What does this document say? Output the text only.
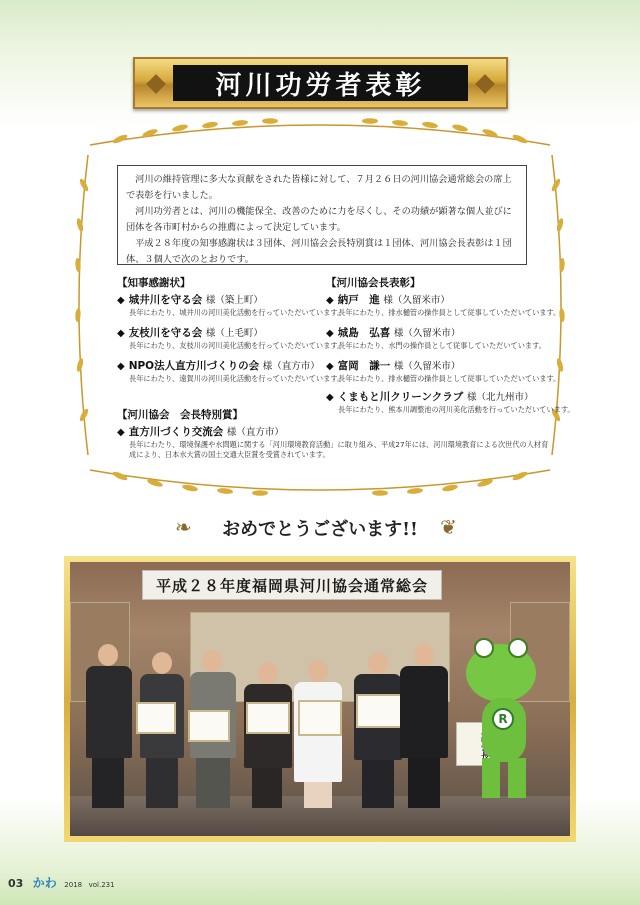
河川功労者表彰

河川の維持管理に多大な貢献をされた皆様に対して、７月２６日の河川協会通常総会の席上で表彰を行いました。

河川功労者とは、河川の機能保全、改善のために力を尽くし、その功績が顕著な個人並びに団体を各市町村からの推薦によって決定しています。

平成２８年度の知事感謝状は３団体、河川協会会長特別賞は１団体、河川協会長表彰は１団体、３個人で次のとおりです。

【知事感謝状】
◆ 城井川を守る会 様（築上町）
長年にわたり、城井川の河川美化活動を行っていただいています。
◆ 友枝川を守る会 様（上毛町）
長年にわたり、友枝川の河川美化活動を行っていただいています。
◆ NPO法人直方川づくりの会 様（直方市）
長年にわたり、遠賀川の河川美化活動を行っていただいています。
【河川協会長表彰】
◆ 納戸　進 様（久留米市）
長年にわたり、排水樋管の操作員として従事していただいています。
◆ 城島　弘喜 様（久留米市）
長年にわたり、水門の操作員として従事していただいています。
◆ 富岡　謙一 様（久留米市）
長年にわたり、排水樋管の操作員として従事していただいています。
◆ くまもと川クリーンクラブ 様（北九州市）
長年にわたり、熊本川調整池の河川美化活動を行っていただいています。
【河川協会　会長特別賞】
◆ 直方川づくり交流会 様（直方市）
長年にわたり、環境保護や水問題に関する「河川環境教育活動」に取り組み、平成27年には、河川環境教育による次世代の人材育成により、日本水大賞の国土交通大臣賞を受賞されています。
❧	おめでとうございます!!	❦
平成２８年度福岡県河川協会通常総会
R
03 かわ 2018 vol.231
